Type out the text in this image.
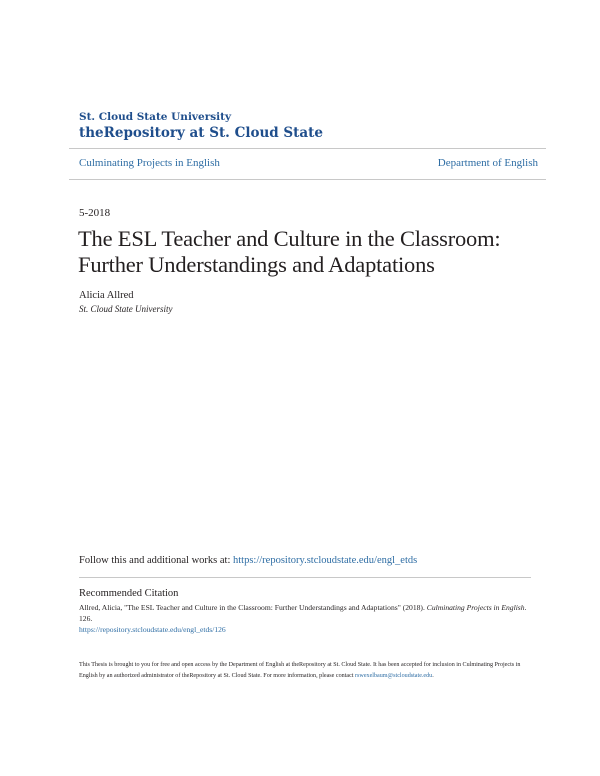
St. Cloud State University
theRepository at St. Cloud State
Culminating Projects in English	Department of English
5-2018
The ESL Teacher and Culture in the Classroom: Further Understandings and Adaptations
Alicia Allred
St. Cloud State University
Follow this and additional works at: https://repository.stcloudstate.edu/engl_etds
Recommended Citation
Allred, Alicia, "The ESL Teacher and Culture in the Classroom: Further Understandings and Adaptations" (2018). Culminating Projects in English. 126.
https://repository.stcloudstate.edu/engl_etds/126
This Thesis is brought to you for free and open access by the Department of English at theRepository at St. Cloud State. It has been accepted for inclusion in Culminating Projects in English by an authorized administrator of theRepository at St. Cloud State. For more information, please contact rswexelbaum@stcloudstate.edu.
